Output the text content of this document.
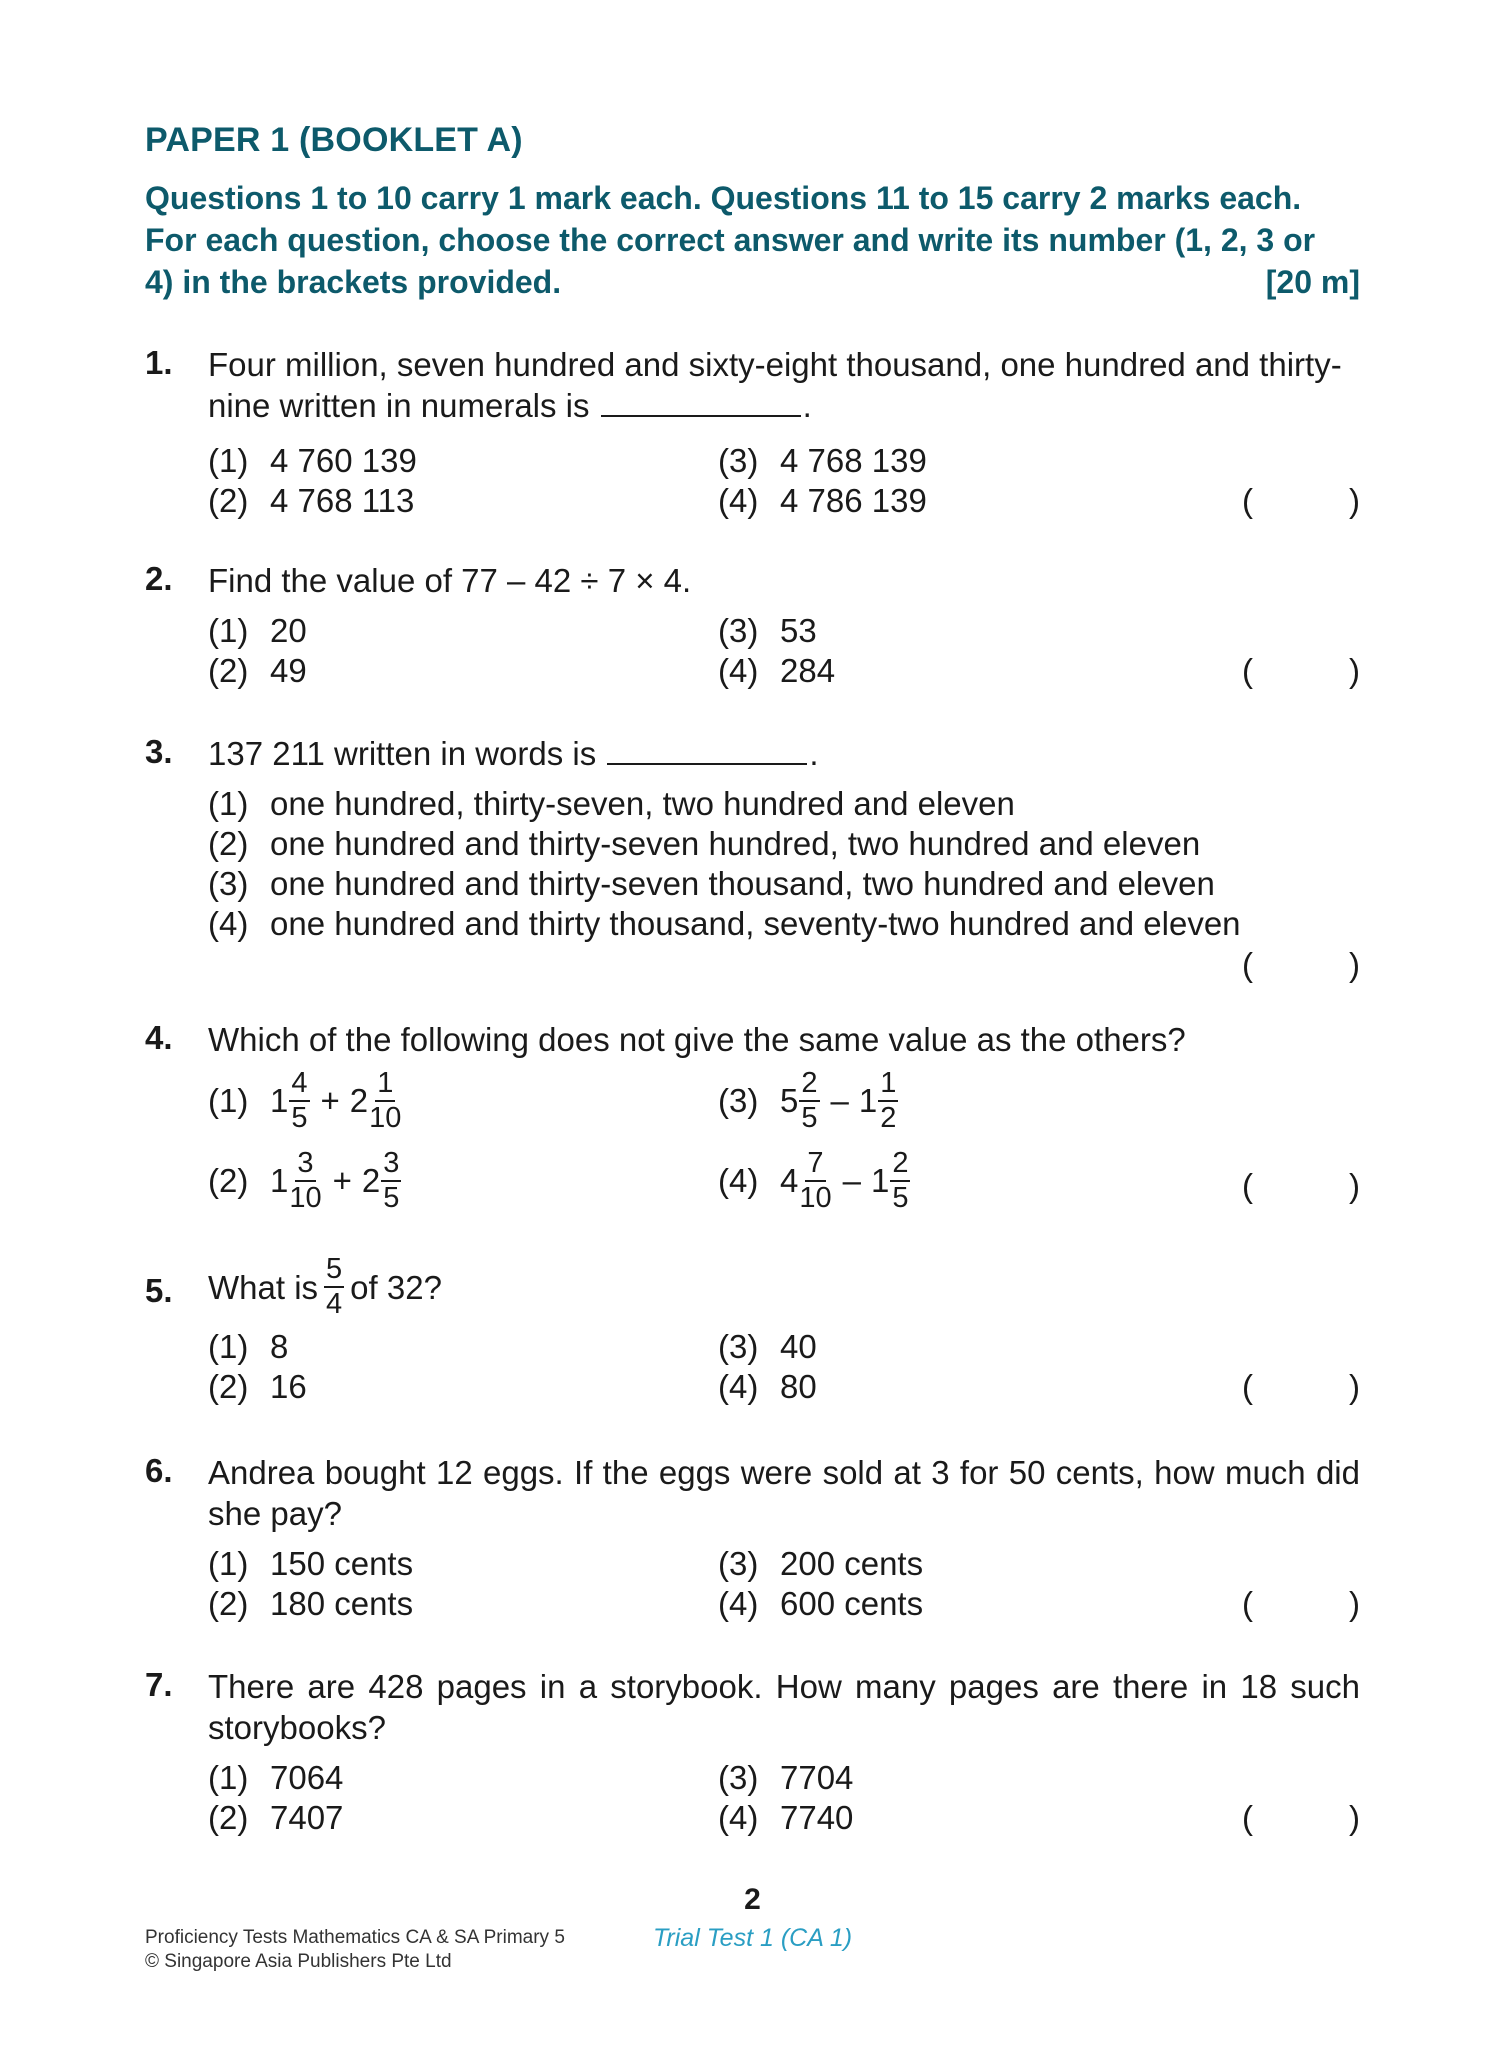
PAPER 1 (BOOKLET A)
Questions 1 to 10 carry 1 mark each. Questions 11 to 15 carry 2 marks each.
For each question, choose the correct answer and write its number (1, 2, 3 or
4) in the brackets provided.	[20 m]
1. Four million, seven hundred and sixty-eight thousand, one hundred and thirty-
nine written in numerals is	.
(1) 4 760 139
(2) 4 768 113
(3) 4 768 139
(4) 4 786 139	(	)
2. Find the value of 77 – 42 ÷ 7 × 4.
(1) 20
(2) 49
(3) 53
(4) 284	(	)
3. 137 211 written in words is	.
(1) one hundred, thirty-seven, two hundred and eleven
(2) one hundred and thirty-seven hundred, two hundred and eleven
(3) one hundred and thirty-seven thousand, two hundred and eleven
(4) one hundred and thirty thousand, seventy-two hundred and eleven
(	)
4. Which of the following does not give the same value as the others?
(1) $1 \frac{4}{5} + 2 \frac{1}{10}$
(2) $1 \frac{3}{10} + 2 \frac{3}{5}$
(3) $5 \frac{2}{5} - 1 \frac{1}{2}$
(4) $4 \frac{7}{10} - 1 \frac{2}{5}$	(	)
5. What is $\frac{5}{4}$ of 32?
(1) 8
(2) 16
(3) 40
(4) 80	(	)
6. Andrea bought 12 eggs. If the eggs were sold at 3 for 50 cents, how much did she pay?
(1) 150 cents
(2) 180 cents
(3) 200 cents
(4) 600 cents	(	)
7. There are 428 pages in a storybook. How many pages are there in 18 such storybooks?
(1) 7064
(2) 7407
(3) 7704
(4) 7740	(	)
2
Proficiency Tests Mathematics CA & SA Primary 5
© Singapore Asia Publishers Pte Ltd
Trial Test 1 (CA 1)
